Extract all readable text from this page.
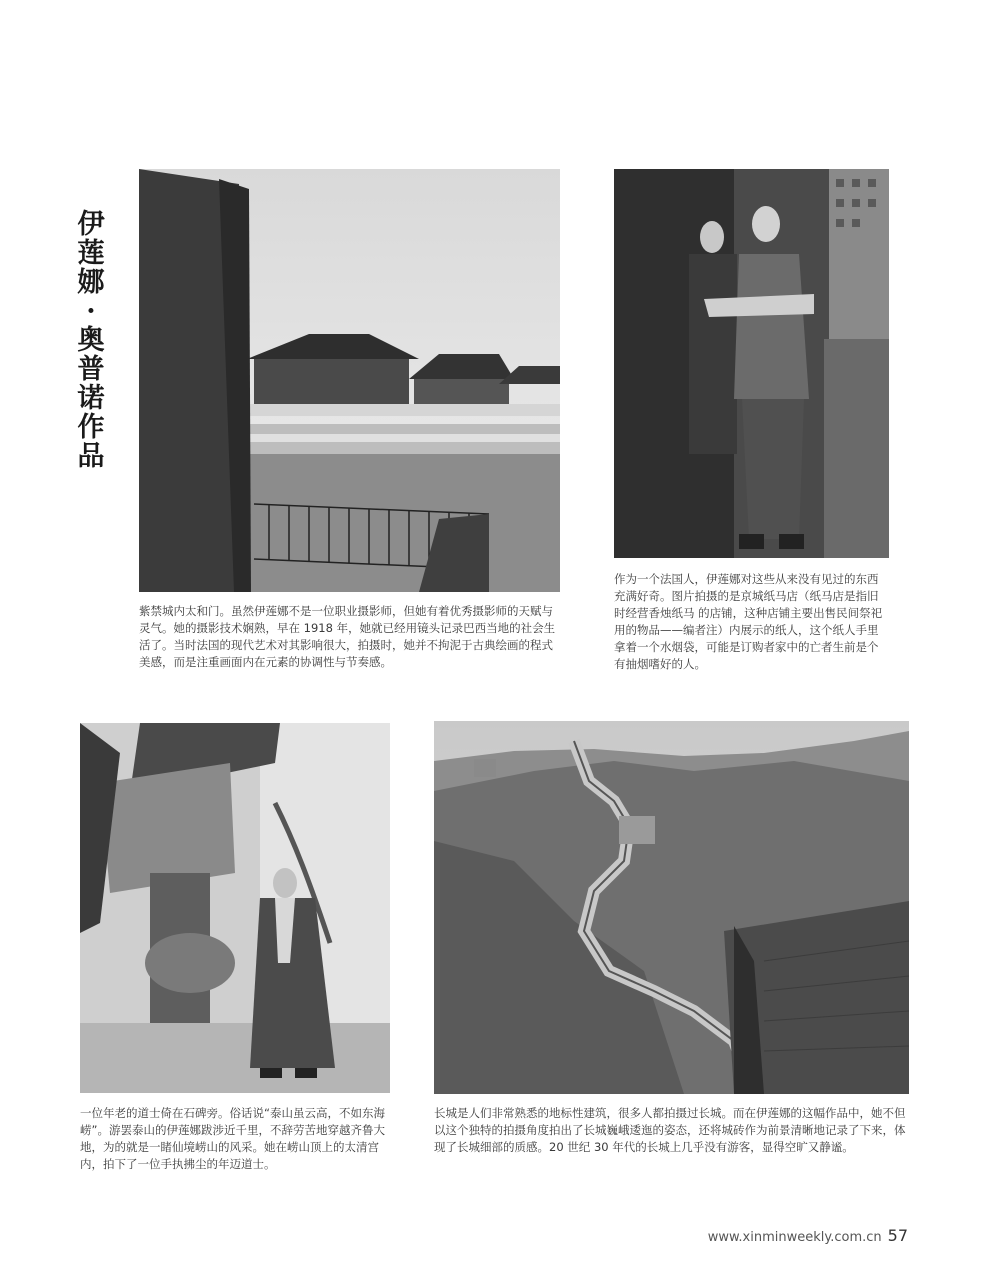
伊莲娜·奥普诺作品
紫禁城内太和门。虽然伊莲娜不是一位职业摄影师，但她有着优秀摄影师的天赋与灵气。她的摄影技术娴熟，早在 1918 年，她就已经用镜头记录巴西当地的社会生活了。当时法国的现代艺术对其影响很大，拍摄时，她并不拘泥于古典绘画的程式美感，而是注重画面内在元素的协调性与节奏感。
作为一个法国人，伊莲娜对这些从来没有见过的东西充满好奇。图片拍摄的是京城纸马店（纸马店是指旧时经营香烛纸马 的店铺，这种店铺主要出售民间祭祀用的物品——编者注）内展示的纸人，这个纸人手里拿着一个水烟袋，可能是订购者家中的亡者生前是个有抽烟嗜好的人。
一位年老的道士倚在石碑旁。俗话说“泰山虽云高，不如东海崂”。游罢泰山的伊莲娜跋涉近千里，不辞劳苦地穿越齐鲁大地，为的就是一睹仙境崂山的风采。她在崂山顶上的太清宫内，拍下了一位手执拂尘的年迈道士。
长城是人们非常熟悉的地标性建筑，很多人都拍摄过长城。而在伊莲娜的这幅作品中，她不但以这个独特的拍摄角度拍出了长城巍峨逶迤的姿态，还将城砖作为前景清晰地记录了下来，体现了长城细部的质感。20 世纪 30 年代的长城上几乎没有游客，显得空旷又静谧。
www.xinminweekly.com.cn 57
